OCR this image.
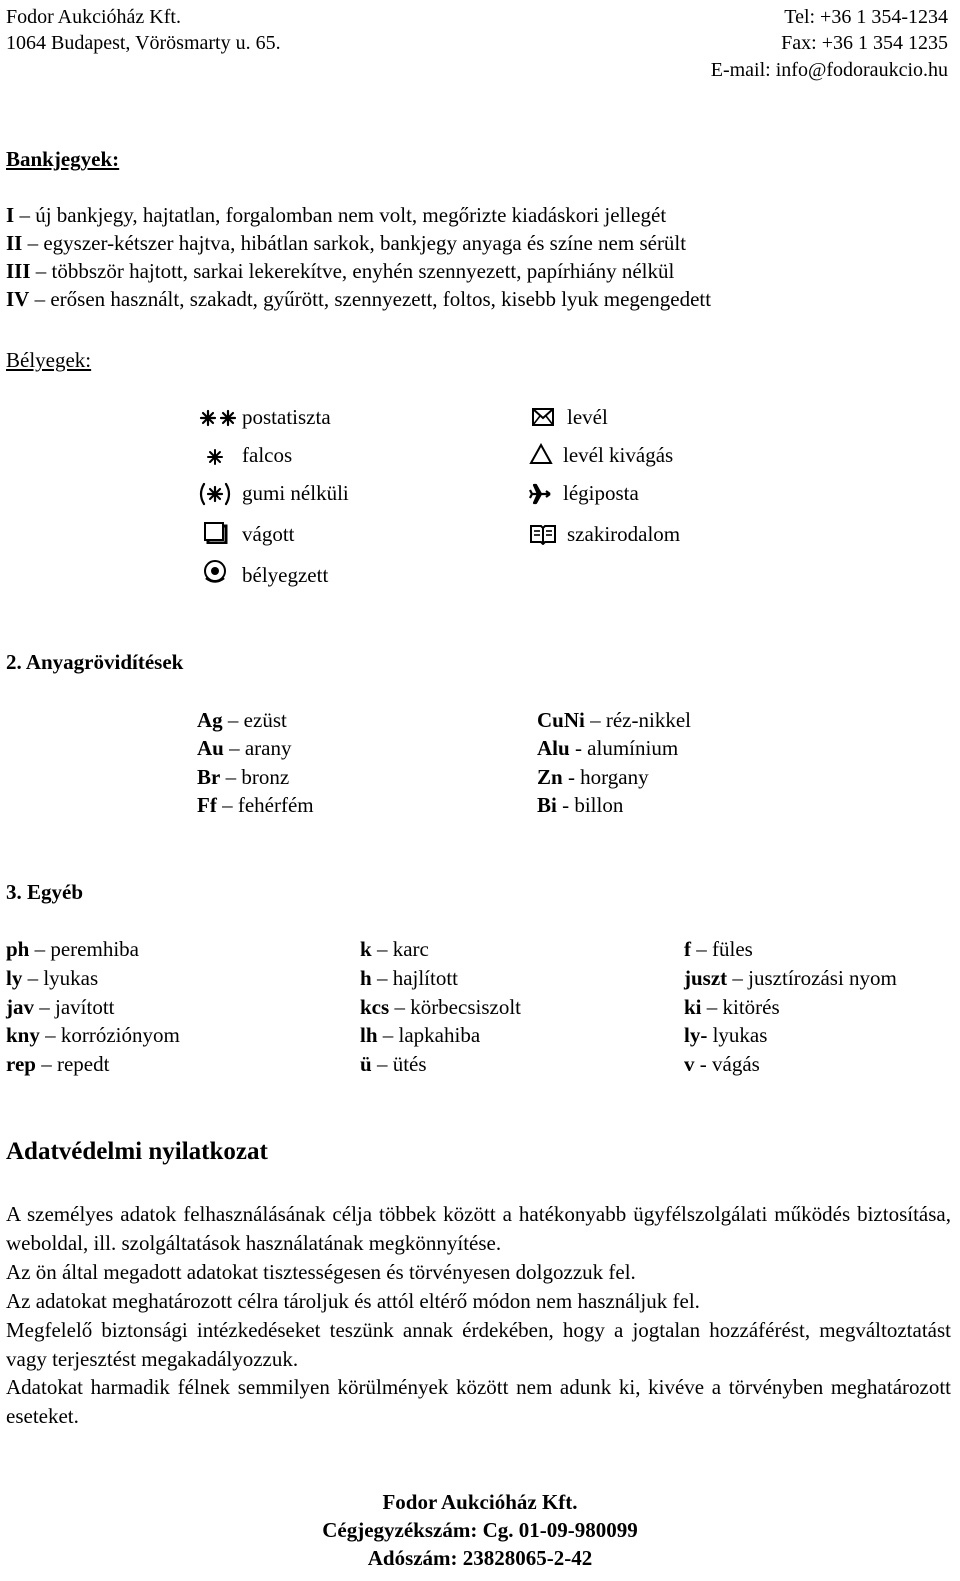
Fodor Aukcióház Kft.
1064 Budapest, Vörösmarty u. 65.
Tel: +36 1 354-1234
Fax: +36 1 354 1235
E-mail: info@fodoraukcio.hu
Bankjegyek:
I – új bankjegy, hajtatlan, forgalomban nem volt, megőrizte kiadáskori jellegét
II – egyszer-kétszer hajtva, hibátlan sarkok, bankjegy anyaga és színe nem sérült
III – többször hajtott, sarkai lekerekítve, enyhén szennyezett, papírhiány nélkül
IV – erősen használt, szakadt, gyűrött, szennyezett, foltos, kisebb lyuk megengedett
Bélyegek:
postatiszta
falcos
gumi nélküli
vágott
bélyegzett
levél
levél kivágás
légiposta
szakirodalom
2. Anyagrövidítések
Ag – ezüst
Au – arany
Br – bronz
Ff – fehérfém
CuNi – réz-nikkel
Alu - alumínium
Zn - horgany
Bi - billon
3. Egyéb
ph – peremhiba
ly – lyukas
jav – javított
kny – korróziónyom
rep – repedt
k – karc
h – hajlított
kcs – körbecsiszolt
lh – lapkahiba
ü – ütés
f – füles
juszt – jusztírozási nyom
ki – kitörés
ly- lyukas
v - vágás
Adatvédelmi nyilatkozat
A személyes adatok felhasználásának célja többek között a hatékonyabb ügyfélszolgálati működés biztosítása, weboldal, ill. szolgáltatások használatának megkönnyítése.
Az ön által megadott adatokat tisztességesen és törvényesen dolgozzuk fel.
Az adatokat meghatározott célra tároljuk és attól eltérő módon nem használjuk fel.
Megfelelő biztonsági intézkedéseket teszünk annak érdekében, hogy a jogtalan hozzáférést, megváltoztatást vagy terjesztést megakadályozzuk.
Adatokat harmadik félnek semmilyen körülmények között nem adunk ki, kivéve a törvényben meghatározott eseteket.
Fodor Aukcióház Kft.
Cégjegyzékszám: Cg. 01-09-980099
Adószám: 23828065-2-42
